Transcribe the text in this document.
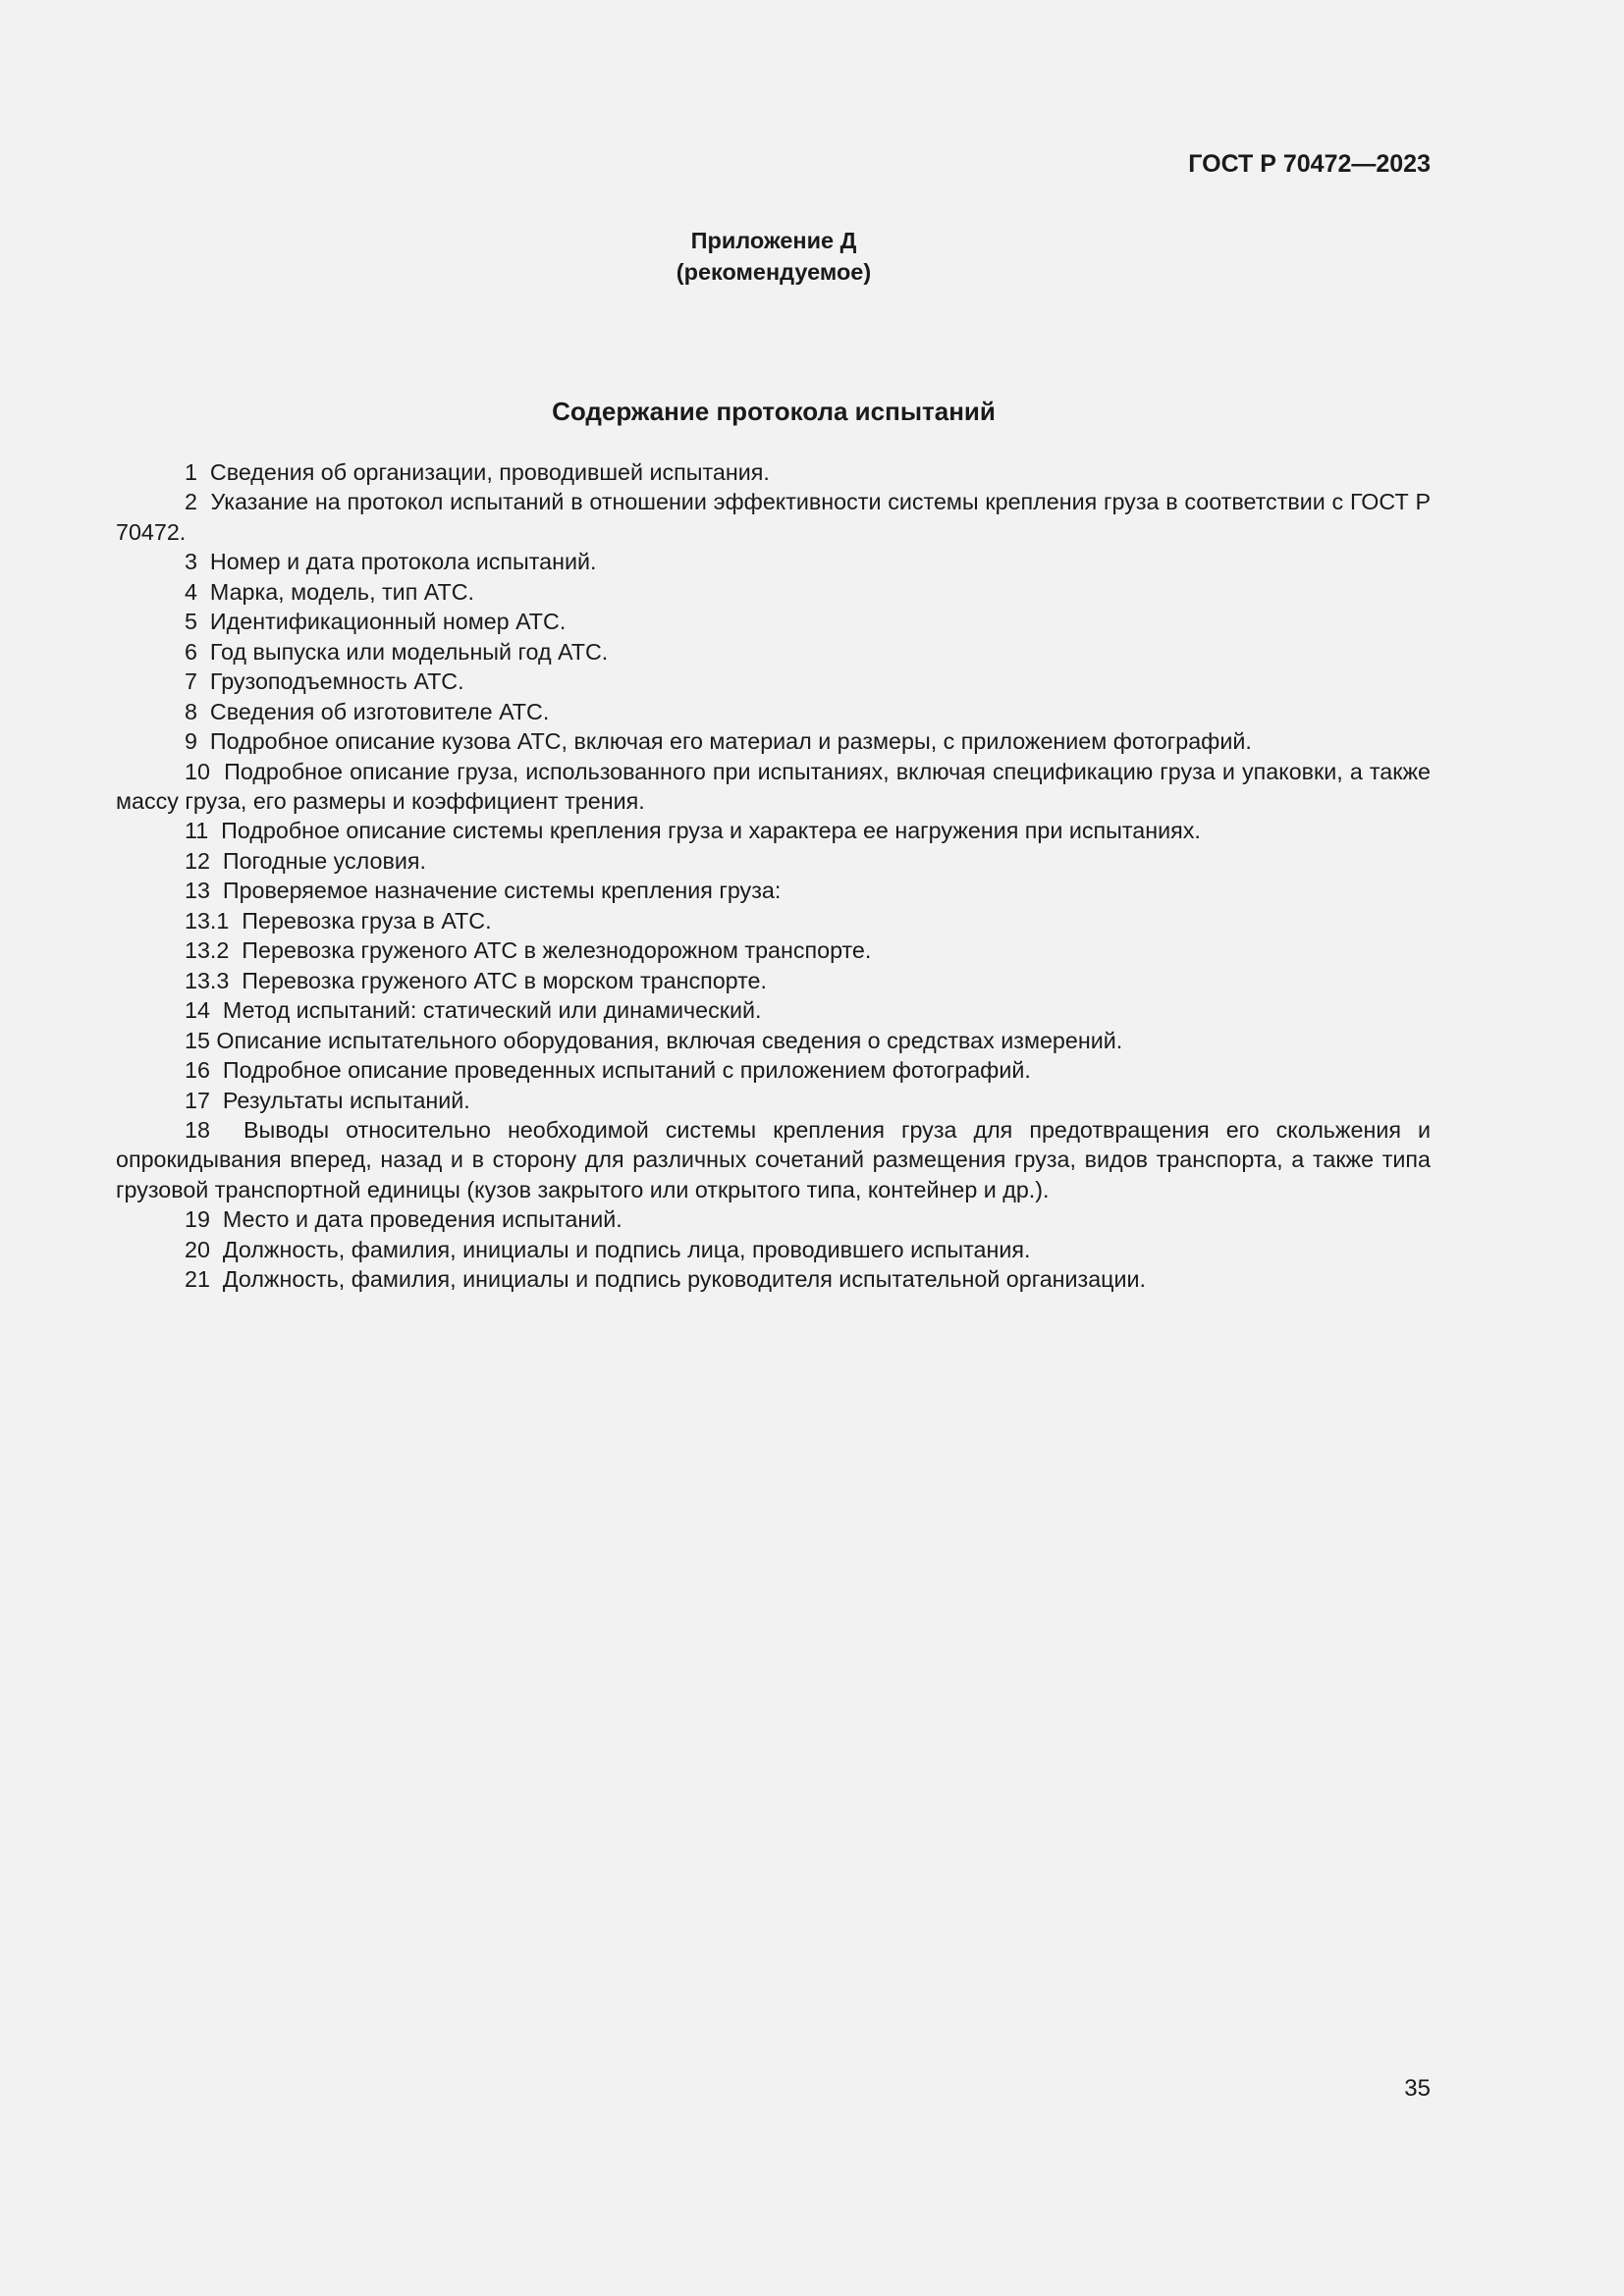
ГОСТ Р 70472—2023
Приложение Д
(рекомендуемое)
Содержание протокола испытаний

1  Сведения об организации, проводившей испытания.

2  Указание на протокол испытаний в отношении эффективности системы крепления груза в соответствии с ГОСТ Р 70472.

3  Номер и дата протокола испытаний.

4  Марка, модель, тип АТС.

5  Идентификационный номер АТС.

6  Год выпуска или модельный год АТС.

7  Грузоподъемность АТС.

8  Сведения об изготовителе АТС.

9  Подробное описание кузова АТС, включая его материал и размеры, с приложением фотографий.

10  Подробное описание груза, использованного при испытаниях, включая спецификацию груза и упаковки, а также массу груза, его размеры и коэффициент трения.

11  Подробное описание системы крепления груза и характера ее нагружения при испытаниях.

12  Погодные условия.

13  Проверяемое назначение системы крепления груза:

13.1  Перевозка груза в АТС.

13.2  Перевозка груженого АТС в железнодорожном транспорте.

13.3  Перевозка груженого АТС в морском транспорте.

14  Метод испытаний: статический или динамический.

15 Описание испытательного оборудования, включая сведения о средствах измерений.

16  Подробное описание проведенных испытаний с приложением фотографий.

17  Результаты испытаний.

18  Выводы относительно необходимой системы крепления груза для предотвращения его скольжения и опрокидывания вперед, назад и в сторону для различных сочетаний размещения груза, видов транспорта, а также типа грузовой транспортной единицы (кузов закрытого или открытого типа, контейнер и др.).

19  Место и дата проведения испытаний.

20  Должность, фамилия, инициалы и подпись лица, проводившего испытания.

21  Должность, фамилия, инициалы и подпись руководителя испытательной организации.

35
